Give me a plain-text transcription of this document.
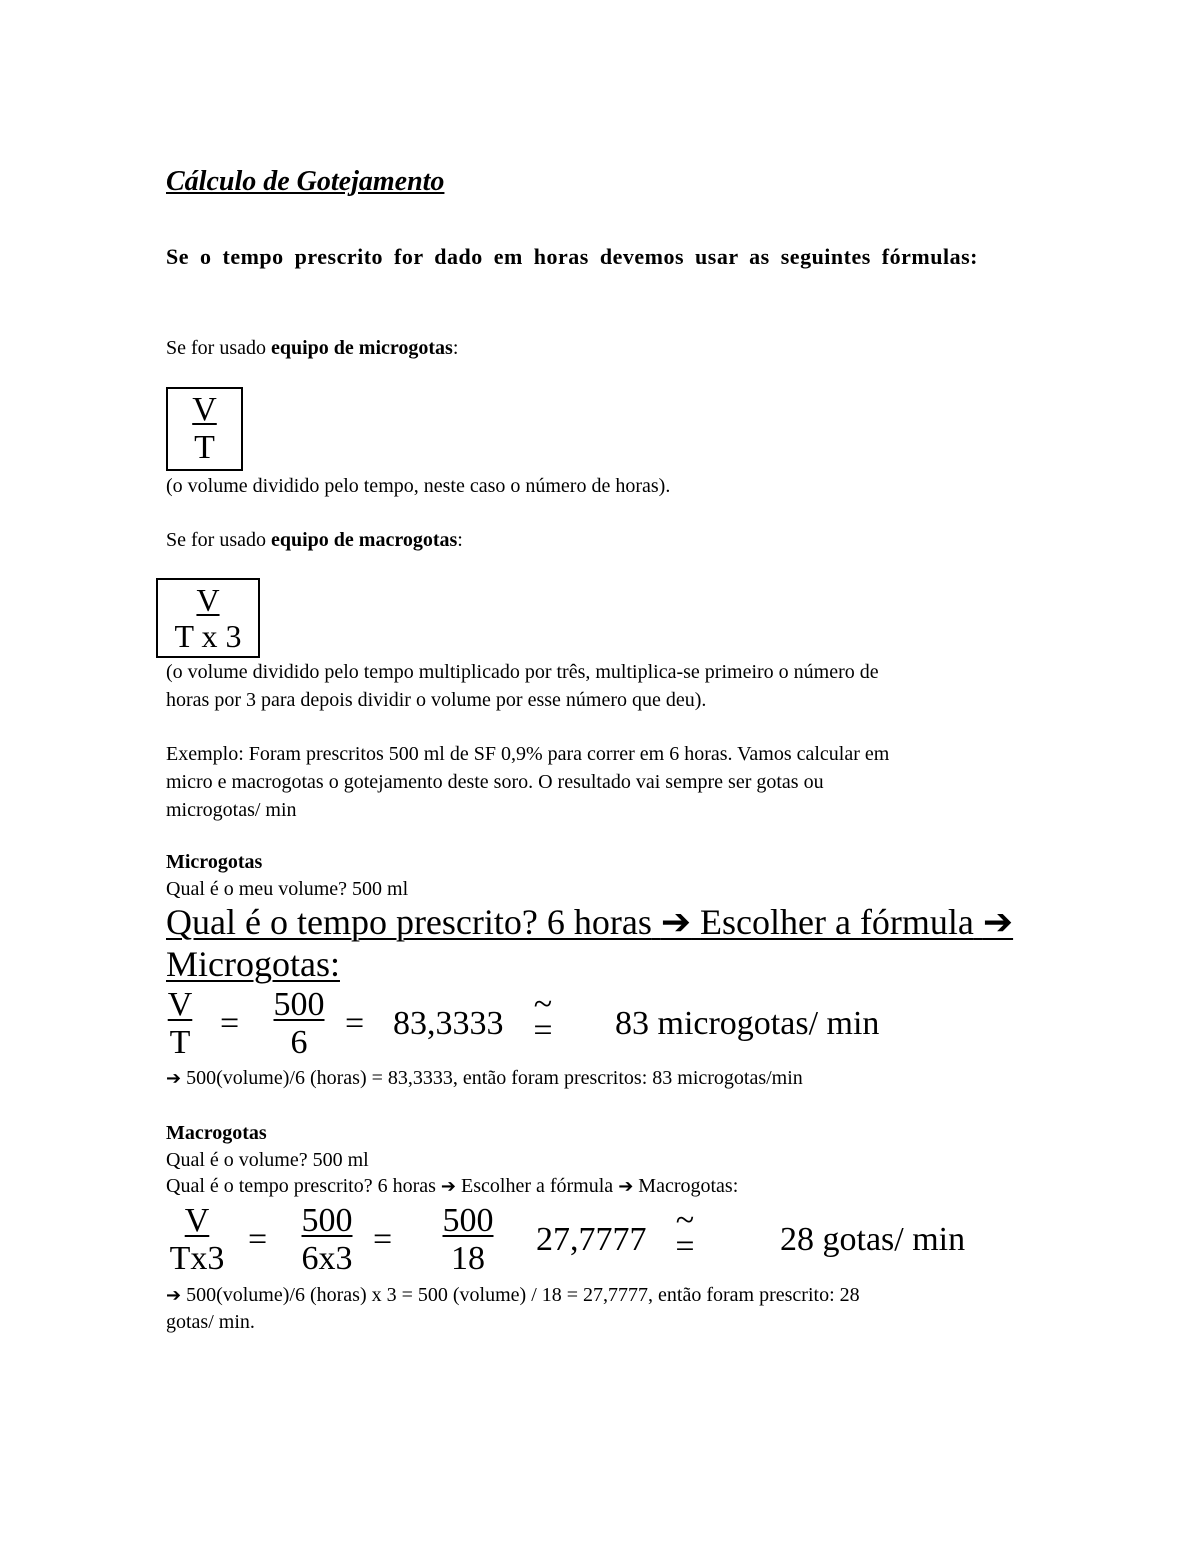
Cálculo de Gotejamento
Se o tempo prescrito for dado em horas devemos usar as seguintes fórmulas:
Se for usado equipo de microgotas:
$\frac{V}{T}$
(o volume dividido pelo tempo, neste caso o número de horas).
Se for usado equipo de macrogotas:
$\frac{V}{\text{T x 3}}$
(o volume dividido pelo tempo multiplicado por três, multiplica-se primeiro o número de
horas por 3 para depois dividir o volume por esse número que deu).
Exemplo: Foram prescritos 500 ml de SF 0,9% para correr em 6 horas. Vamos calcular em
micro e macrogotas o gotejamento deste soro. O resultado vai sempre ser gotas ou
microgotas/ min
Microgotas
Qual é o meu volume? 500 ml
Qual é o tempo prescrito? 6 horas ➔ Escolher a fórmula ➔
Microgotas:
$\frac{V}{T} = \frac{500}{6} = 83,3333$
~
= 83 microgotas/ min
➔ 500(volume)/6 (horas) = 83,3333, então foram prescritos: 83 microgotas/min
Macrogotas
Qual é o volume? 500 ml
Qual é o tempo prescrito? 6 horas ➔ Escolher a fórmula ➔ Macrogotas:
$\frac{V}{Tx3} = \frac{500}{6x3} = \frac{500}{18} 27,7777$
~
=	28 gotas/ min
➔ 500(volume)/6 (horas) x 3 = 500 (volume) / 18 = 27,7777, então foram prescrito: 28
gotas/ min.
